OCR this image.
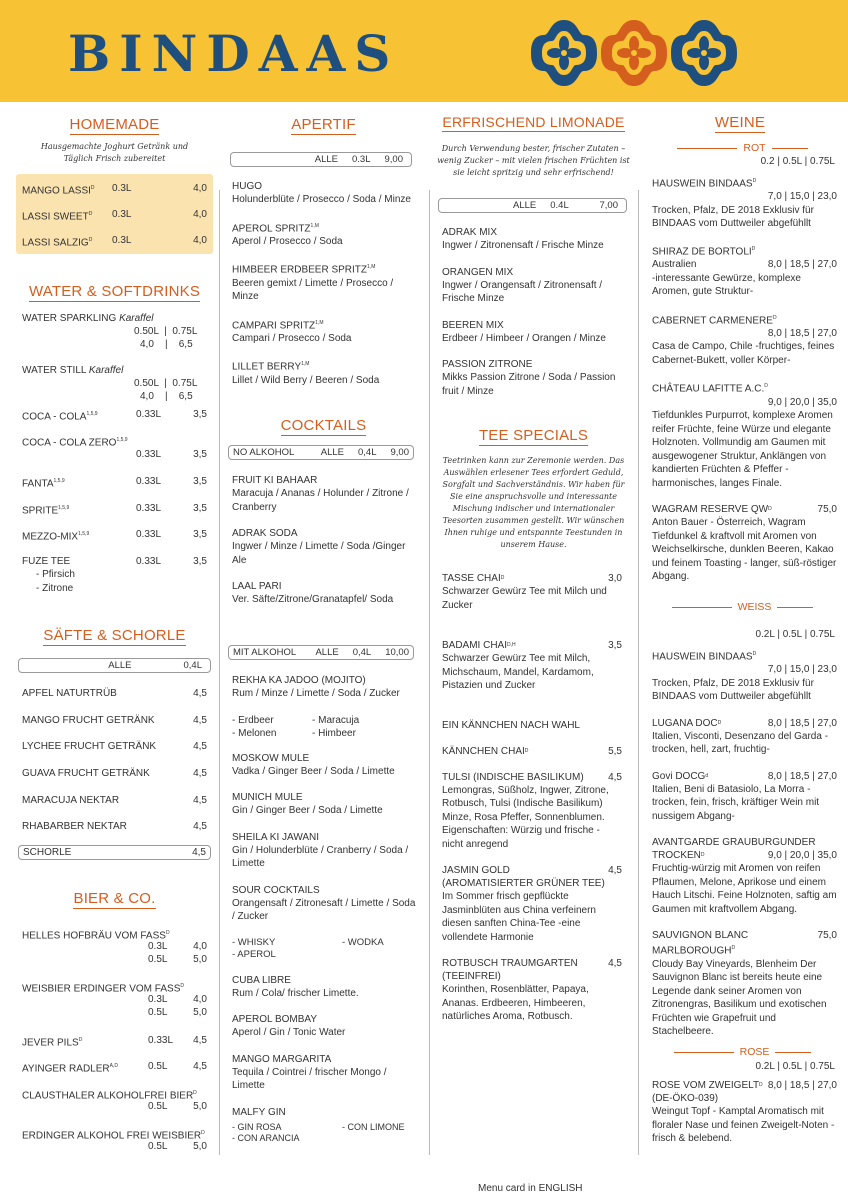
BINDAAS
HOMEMADE
Hausgemachte Joghurt Getränk und
Täglich Frisch zubereitet
MANGO $LASSI^D$ 0.3L	4,0
LASSI $SWEET^D$ 0.3L	4,0
LASSI $SALZIG^D$ 0.3L	4,0
WATER & SOFTDRINKS
WATER SPARKLING Karaffel
0.50L  |  0.75L
4,0    |    6,5
WATER STILL Karaffel
0.50L  |  0.75L
4,0    |    6,5
COCA - COLA$^{1,5,9}$	0.33L	3,5
COCA - COLA ZERO$^{1,5,9}$
0.33L	3,5
FANTA$^{1,5,9}$	0.33L	3,5
SPRITE$^{1,5,9}$	0.33L	3,5
MEZZO-MIX$^{1,5,9}$	0.33L	3,5
FUZE TEE	0.33L	3,5
- Pfirsich
- Zitrone
SÄFTE & SCHORLE
ALLE	0,4L
APFEL NATURTRÜB	4,5
MANGO FRUCHT GETRÄNK	4,5
LYCHEE FRUCHT GETRÄNK	4,5
GUAVA FRUCHT GETRÄNK	4,5
MARACUJA NEKTAR	4,5
RHABARBER NEKTAR	4,5
SCHORLE	4,5
BIER & CO.
HELLES HOFBRÄU VOM $FASS^D$
0.3L	4,0
0.5L	5,0
WEISBIER ERDINGER VOM $FASS^D$
0.3L	4,0
0.5L	5,0
JEVER $PILS^D$	0.33L 4,5
AYINGER $RADLER^{A,D}$	0.5L	4,5
CLAUSTHALER ALKOHOLFREI $BIER^D$
0.5L	5,0
ERDINGER ALKOHOL FREI $WEISBIER^D$
0.5L	5,0
APERTIF
ALLE 0.3L 9,00
HUGO
Holunderblüte / Prosecco / Soda / Minze
APEROL $SPRITZ^{1,M}$
Aperol / Prosecco / Soda
HIMBEER ERDBEER $SPRITZ^{1,M}$
Beeren gemixt / Limette / Prosecco / Minze
CAMPARI $SPRITZ^{1,M}$
Campari / Prosecco / Soda
LILLET $BERRY^{1,M}$
Lillet / Wild Berry / Beeren / Soda
COCKTAILS
NO ALKOHOL	ALLE 0,4L 9,00
FRUIT KI BAHAAR
Maracuja / Ananas / Holunder / Zitrone / Cranberry
ADRAK SODA
Ingwer / Minze / Limette / Soda /Ginger Ale
LAAL PARI
Ver. Säfte/Zitrone/Granatapfel/ Soda
MIT ALKOHOL ALLE 0,4L 10,00
REKHA KA JADOO (MOJITO)
Rum / Minze / Limette / Soda / Zucker
- Erdbeer	- Maracuja
- Melonen	- Himbeer
MOSKOW MULE
Vadka / Ginger Beer / Soda / Limette
MUNICH MULE
Gin / Ginger Beer / Soda / Limette
SHEILA KI JAWANI
Gin / Holunderblüte / Cranberry / Soda / Limette
SOUR COCKTAILS
Orangensaft / Zitronesaft / Limette / Soda / Zucker
- WHISKY	- WODKA
- APEROL
CUBA LIBRE
Rum / Cola/ frischer Limette.
APEROL BOMBAY
Aperol / Gin / Tonic Water
MANGO MARGARITA
Tequila / Cointrei / frischer Mongo / Limette
MALFY GIN
- GIN ROSA	- CON LIMONE
- CON ARANCIA
ERFRISCHEND LIMONADE
Durch Verwendung bester, frischer Zutaten –
wenig Zucker – mit vielen frischen Früchten ist
sie leicht spritzig und sehr erfrischend!
ALLE 0.4L	7,00
ADRAK MIX
Ingwer / Zitronensaft / Frische Minze
ORANGEN MIX
Ingwer / Orangensaft / Zitronensaft / Frische Minze
BEEREN MIX
Erdbeer / Himbeer / Orangen / Minze
PASSION ZITRONE
Mikks Passion Zitrone / Soda / Passion fruit / Minze
TEE SPECIALS
Teetrinken kann zur Zeremonie werden. Das
Auswählen erlesener Tees erfordert Geduld,
Sorgfalt und Sachverständnis. Wir haben für
Sie eine anspruchsvolle und interessante
Mischung indischer und internationaler
Teesorten zusammen gestellt. Wir wünschen
Ihnen ruhige und entspannte Teestunden in
unserem Hause.
TASSE CHAI D	3,0
Schwarzer Gewürz Tee mit Milch und Zucker
BADAMI CHAI D,H	3,5
Schwarzer Gewürz Tee mit Milch, Michschaum, Mandel, Kardamom, Pistazien und Zucker
EIN KÄNNCHEN NACH WAHL
KÄNNCHEN CHAI D	5,5
TULSI (INDISCHE BASILIKUM) 4,5
Lemongras, Süßholz, Ingwer, Zitrone, Rotbusch, Tulsi (Indische Basilikum) Minze, Rosa Pfeffer, Sonnenblumen. Eigenschaften: Würzig und frische - nicht anregend
JASMIN GOLD	4,5
(AROMATISIERTER GRÜNER TEE)
Im Sommer frisch gepflückte Jasminblüten aus China verfeinern diesen sanften China-Tee -eine vollendete Harmonie
ROTBUSCH TRAUMGARTEN	4,5
(TEEINFREI)
Korinthen, Rosenblätter, Papaya, Ananas. Erdbeeren, Himbeeren, natürliches Aroma, Rotbusch.
WEINE
ROT
0.2 | 0.5L | 0.75L
HAUSWEIN $BINDAAS^D$
7,0 | 15,0 | 23,0
Trocken, Pfalz, DE 2018 Exklusiv für BINDAAS vom Duttweiler abgefühllt
SHIRAZ DE $BORTOLI^D$
Australien	8,0 | 18,5 | 27,0
-interessante Gewürze, komplexe Aromen, gute Struktur-
CABERNET $CARMENERE^D$
8,0 | 18,5 | 27,0
Casa de Campo, Chile -fruchtiges, feines Cabernet-Bukett, voller Körper-
CHÂTEAU LAFITTE A.C.$^D$
9,0 | 20,0 | 35,0
Tiefdunkles Purpurrot, komplexe Aromen reifer Früchte, feine Würze und elegante Holznoten. Vollmundig am Gaumen mit ausgewogener Struktur, Anklängen von kandierten Früchten & Pfeffer - harmonisches, langes Finale.
WAGRAM RESERVE QW D	75,0
Anton Bauer - Österreich, Wagram Tiefdunkel & kraftvoll mit Aromen von Weichselkirsche, dunklen Beeren, Kakao und feinem Toasting - langer, süß-röstiger Abgang.
WEISS
0.2L | 0.5L | 0.75L
HAUSWEIN $BINDAAS^D$
7,0 | 15,0 | 23,0
Trocken, Pfalz, DE 2018 Exklusiv für BINDAAS vom Duttweiler abgefühllt
LUGANA DOC D	8,0 | 18,5 | 27,0
Italien, Visconti, Desenzano del Garda -trocken, hell, zart, fruchtig-
Govi DOCG d	8,0 | 18,5 | 27,0
Italien, Beni di Batasiolo, La Morra -trocken, fein, frisch, kräftiger Wein mit nussigem Abgang-
AVANTGARDE GRAUBURGUNDER
TROCKEN D	9,0 | 20,0 | 35,0
Fruchtig-würzig mit Aromen von reifen Pflaumen, Melone, Aprikose und einem Hauch Litschi. Feine Holznoten, saftig am Gaumen mit kraftvollem Abgang.
SAUVIGNON BLANC	75,0
$MARLBOROUGH^D$
Cloudy Bay Vineyards, Blenheim Der Sauvignon Blanc ist bereits heute eine Legende dank seiner Aromen von Zitronengras, Basilikum und exotischen Früchten wie Grapefruit und Stachelbeere.
ROSE
0.2L | 0.5L | 0.75L
ROSE VOM ZWEIGELT D 8,0 | 18,5 | 27,0
(DE-ÖKO-039)
Weingut Topf - Kamptal Aromatisch mit floraler Nase und feinen Zweigelt-Noten - frisch & belebend.
Menu card in ENGLISH
